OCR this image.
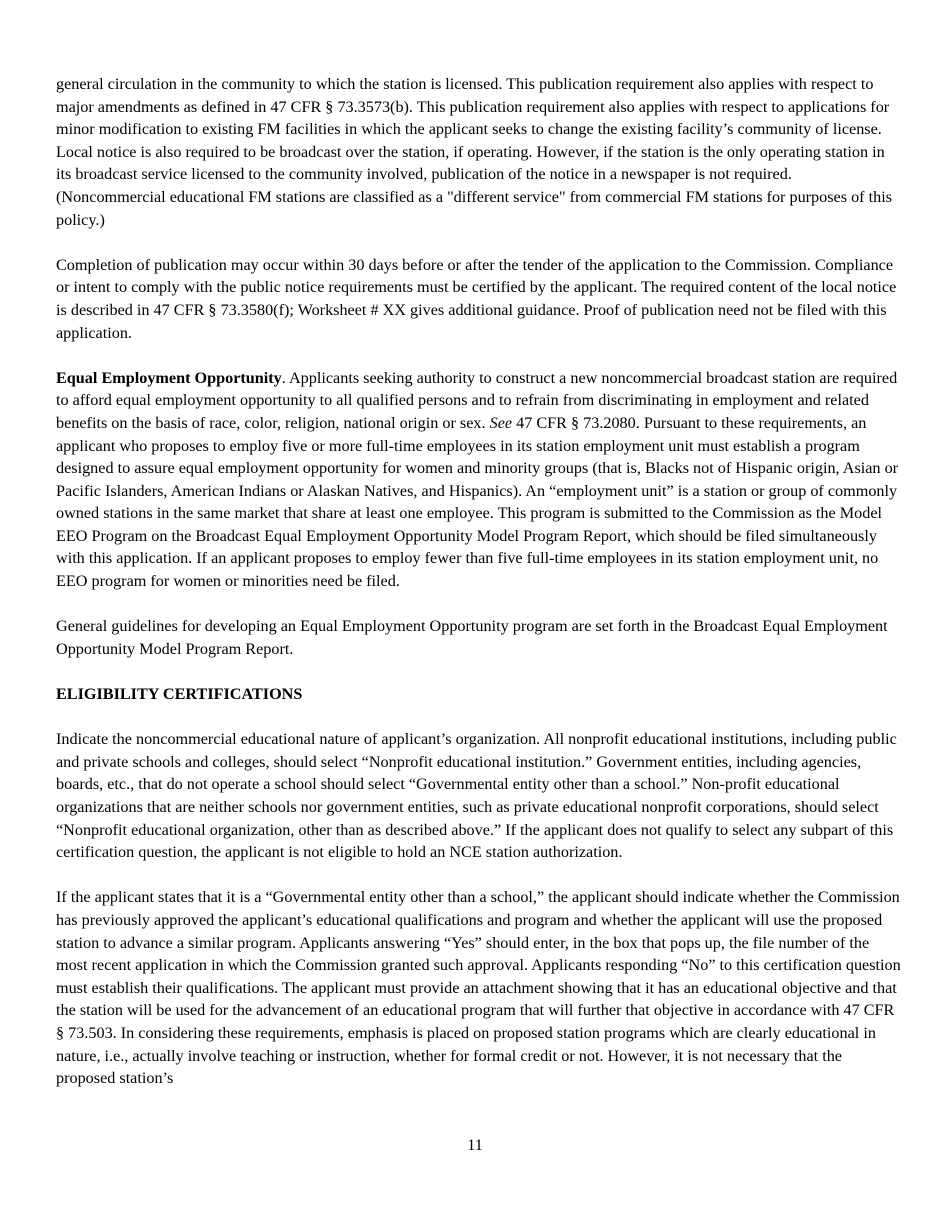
general circulation in the community to which the station is licensed. This publication requirement also applies with respect to major amendments as defined in 47 CFR § 73.3573(b). This publication requirement also applies with respect to applications for minor modification to existing FM facilities in which the applicant seeks to change the existing facility’s community of license. Local notice is also required to be broadcast over the station, if operating. However, if the station is the only operating station in its broadcast service licensed to the community involved, publication of the notice in a newspaper is not required. (Noncommercial educational FM stations are classified as a "different service" from commercial FM stations for purposes of this policy.)

Completion of publication may occur within 30 days before or after the tender of the application to the Commission. Compliance or intent to comply with the public notice requirements must be certified by the applicant. The required content of the local notice is described in 47 CFR § 73.3580(f); Worksheet # XX gives additional guidance. Proof of publication need not be filed with this application.

Equal Employment Opportunity. Applicants seeking authority to construct a new noncommercial broadcast station are required to afford equal employment opportunity to all qualified persons and to refrain from discriminating in employment and related benefits on the basis of race, color, religion, national origin or sex. See 47 CFR § 73.2080. Pursuant to these requirements, an applicant who proposes to employ five or more full-time employees in its station employment unit must establish a program designed to assure equal employment opportunity for women and minority groups (that is, Blacks not of Hispanic origin, Asian or Pacific Islanders, American Indians or Alaskan Natives, and Hispanics). An “employment unit” is a station or group of commonly owned stations in the same market that share at least one employee. This program is submitted to the Commission as the Model EEO Program on the Broadcast Equal Employment Opportunity Model Program Report, which should be filed simultaneously with this application. If an applicant proposes to employ fewer than five full-time employees in its station employment unit, no EEO program for women or minorities need be filed.

General guidelines for developing an Equal Employment Opportunity program are set forth in the Broadcast Equal Employment Opportunity Model Program Report.

ELIGIBILITY CERTIFICATIONS

Indicate the noncommercial educational nature of applicant’s organization. All nonprofit educational institutions, including public and private schools and colleges, should select “Nonprofit educational institution.” Government entities, including agencies, boards, etc., that do not operate a school should select “Governmental entity other than a school.” Non-profit educational organizations that are neither schools nor government entities, such as private educational nonprofit corporations, should select “Nonprofit educational organization, other than as described above.” If the applicant does not qualify to select any subpart of this certification question, the applicant is not eligible to hold an NCE station authorization.

If the applicant states that it is a “Governmental entity other than a school,” the applicant should indicate whether the Commission has previously approved the applicant’s educational qualifications and program and whether the applicant will use the proposed station to advance a similar program. Applicants answering “Yes” should enter, in the box that pops up, the file number of the most recent application in which the Commission granted such approval. Applicants responding “No” to this certification question must establish their qualifications. The applicant must provide an attachment showing that it has an educational objective and that the station will be used for the advancement of an educational program that will further that objective in accordance with 47 CFR § 73.503. In considering these requirements, emphasis is placed on proposed station programs which are clearly educational in nature, i.e., actually involve teaching or instruction, whether for formal credit or not. However, it is not necessary that the proposed station’s

11
